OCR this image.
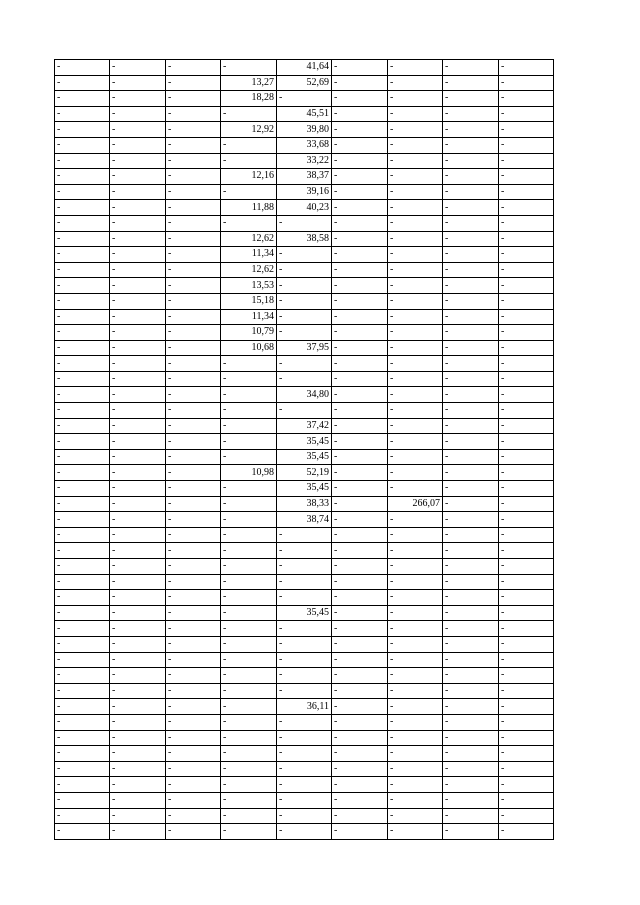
-	-	-	-	41,64	-	-	-	-
-	-	-	13,27	52,69	-	-	-	-
-	-	-	18,28	-	-	-	-	-
-	-	-	-	45,51	-	-	-	-
-	-	-	12,92	39,80	-	-	-	-
-	-	-	-	33,68	-	-	-	-
-	-	-	-	33,22	-	-	-	-
-	-	-	12,16	38,37	-	-	-	-
-	-	-	-	39,16	-	-	-	-
-	-	-	11,88	40,23	-	-	-	-
-	-	-	-	-	-	-	-	-
-	-	-	12,62	38,58	-	-	-	-
-	-	-	11,34	-	-	-	-	-
-	-	-	12,62	-	-	-	-	-
-	-	-	13,53	-	-	-	-	-
-	-	-	15,18	-	-	-	-	-
-	-	-	11,34	-	-	-	-	-
-	-	-	10,79	-	-	-	-	-
-	-	-	10,68	37,95	-	-	-	-
-	-	-	-	-	-	-	-	-
-	-	-	-	-	-	-	-	-
-	-	-	-	34,80	-	-	-	-
-	-	-	-	-	-	-	-	-
-	-	-	-	37,42	-	-	-	-
-	-	-	-	35,45	-	-	-	-
-	-	-	-	35,45	-	-	-	-
-	-	-	10,98	52,19	-	-	-	-
-	-	-	-	35,45	-	-	-	-
-	-	-	-	38,33	-	266,07	-	-
-	-	-	-	38,74	-	-	-	-
-	-	-	-	-	-	-	-	-
-	-	-	-	-	-	-	-	-
-	-	-	-	-	-	-	-	-
-	-	-	-	-	-	-	-	-
-	-	-	-	-	-	-	-	-
-	-	-	-	35,45	-	-	-	-
-	-	-	-	-	-	-	-	-
-	-	-	-	-	-	-	-	-
-	-	-	-	-	-	-	-	-
-	-	-	-	-	-	-	-	-
-	-	-	-	-	-	-	-	-
-	-	-	-	36,11	-	-	-	-
-	-	-	-	-	-	-	-	-
-	-	-	-	-	-	-	-	-
-	-	-	-	-	-	-	-	-
-	-	-	-	-	-	-	-	-
-	-	-	-	-	-	-	-	-
-	-	-	-	-	-	-	-	-
-	-	-	-	-	-	-	-	-
-	-	-	-	-	-	-	-	-
